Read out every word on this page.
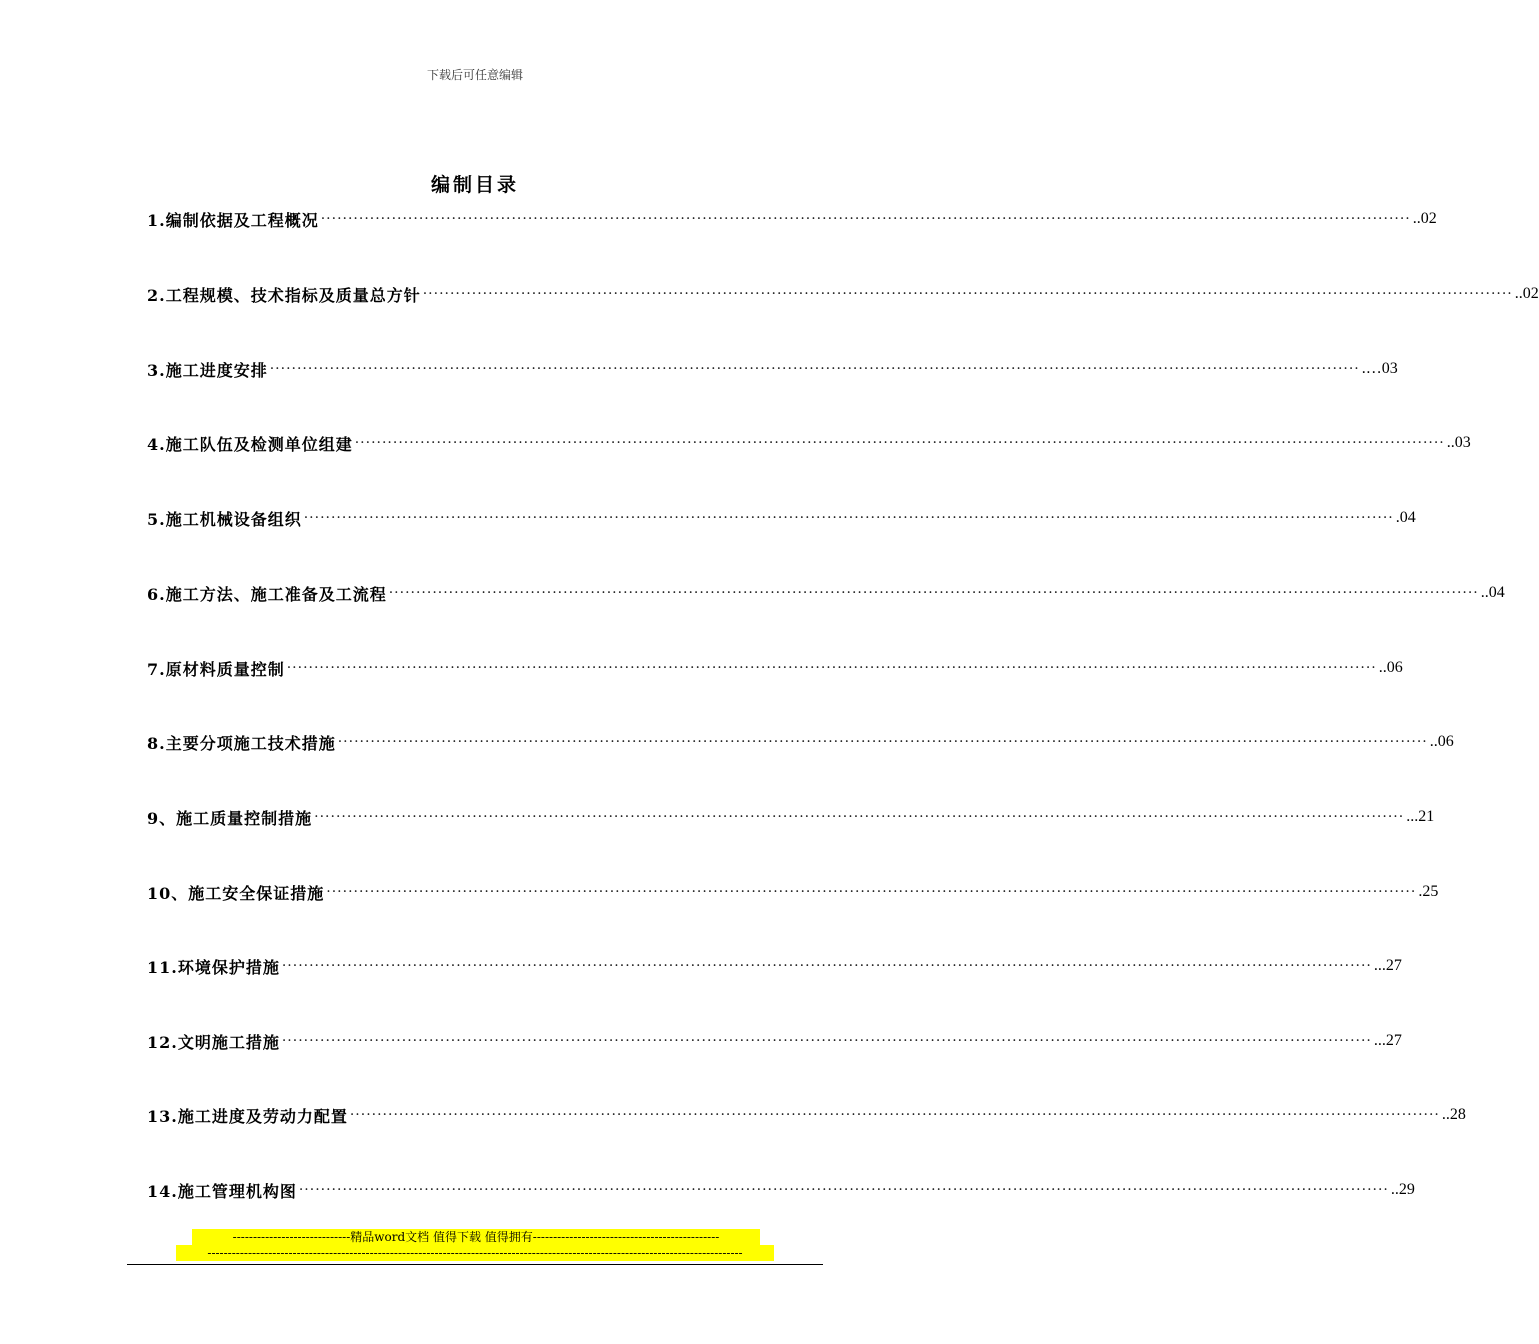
下载后可任意编辑
编制目录
1.编制依据及工程概况 ········································································································································································································ ..02
2.工程规模、技术指标及质量总方针 ········································································································································································································ ..02
3.施工进度安排 ········································································································································································································ .…03
4.施工队伍及检测单位组建 ········································································································································································································ ..03
5.施工机械设备组织 ········································································································································································································ .04
6.施工方法、施工准备及工流程 ········································································································································································································ ..04
7.原材料质量控制 ········································································································································································································ ..06
8.主要分项施工技术措施 ········································································································································································································ ..06
9、施工质量控制措施 ········································································································································································································ ...21
10、施工安全保证措施 ········································································································································································································ .25
11.环境保护措施 ········································································································································································································ ...27
12.文明施工措施 ········································································································································································································ ...27
13.施工进度及劳动力配置 ········································································································································································································ ..28
14.施工管理机构图 ········································································································································································································ ..29
-----------------------------精品word文档 值得下载 值得拥有----------------------------------------------
------------------------------------------------------------------------------------------------------------------------------------
